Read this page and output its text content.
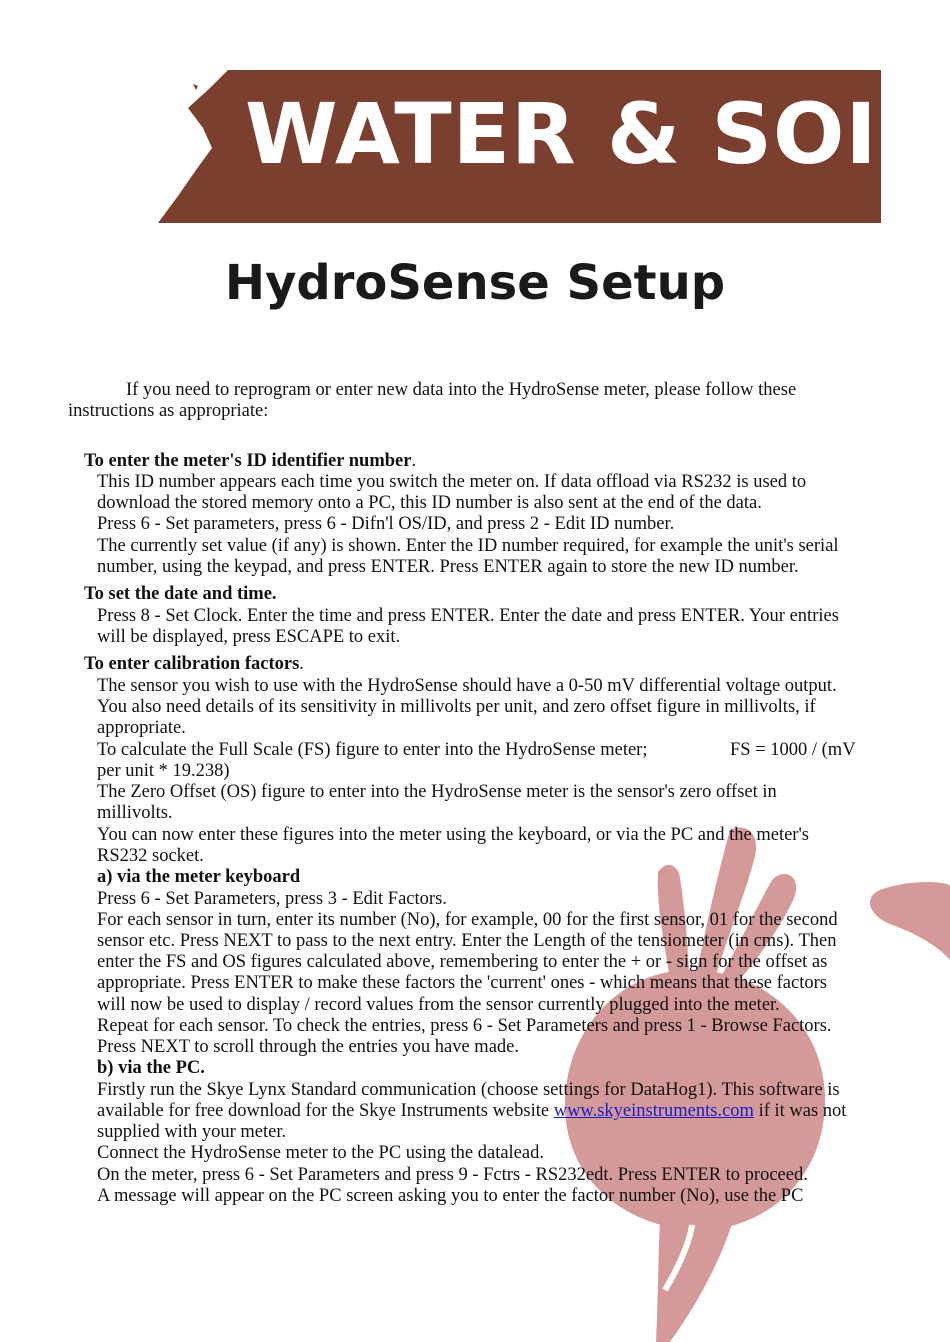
WATER & SOIL
HydroSense Setup
If you need to reprogram or enter new data into the HydroSense meter, please follow these
instructions as appropriate:
To enter the meter's ID identifier number.
This ID number appears each time you switch the meter on. If data offload via RS232 is used to
download the stored memory onto a PC, this ID number is also sent at the end of the data.
Press 6 - Set parameters, press 6 - Difn'l OS/ID, and press 2 - Edit ID number.
The currently set value (if any) is shown. Enter the ID number required, for example the unit's serial
number, using the keypad, and press ENTER. Press ENTER again to store the new ID number.
To set the date and time.
Press 8 - Set Clock. Enter the time and press ENTER. Enter the date and press ENTER. Your entries
will be displayed, press ESCAPE to exit.
To enter calibration factors.
The sensor you wish to use with the HydroSense should have a 0-50 mV differential voltage output.
You also need details of its sensitivity in millivolts per unit, and zero offset figure in millivolts, if
appropriate.
To calculate the Full Scale (FS) figure to enter into the HydroSense meter;	FS = 1000 / (mV
per unit * 19.238)
The Zero Offset (OS) figure to enter into the HydroSense meter is the sensor's zero offset in
millivolts.
You can now enter these figures into the meter using the keyboard, or via the PC and the meter's
RS232 socket.
a) via the meter keyboard
Press 6 - Set Parameters, press 3 - Edit Factors.
For each sensor in turn, enter its number (No), for example, 00 for the first sensor, 01 for the second
sensor etc. Press NEXT to pass to the next entry. Enter the Length of the tensiometer (in cms). Then
enter the FS and OS figures calculated above, remembering to enter the + or - sign for the offset as
appropriate. Press ENTER to make these factors the 'current' ones - which means that these factors
will now be used to display / record values from the sensor currently plugged into the meter.
Repeat for each sensor. To check the entries, press 6 - Set Parameters and press 1 - Browse Factors.
Press NEXT to scroll through the entries you have made.
b) via the PC.
Firstly run the Skye Lynx Standard communication (choose settings for DataHog1). This software is
available for free download for the Skye Instruments website www.skyeinstruments.com if it was not
supplied with your meter.
Connect the HydroSense meter to the PC using the datalead.
On the meter, press 6 - Set Parameters and press 9 - Fctrs - RS232edt. Press ENTER to proceed.
A message will appear on the PC screen asking you to enter the factor number (No), use the PC
